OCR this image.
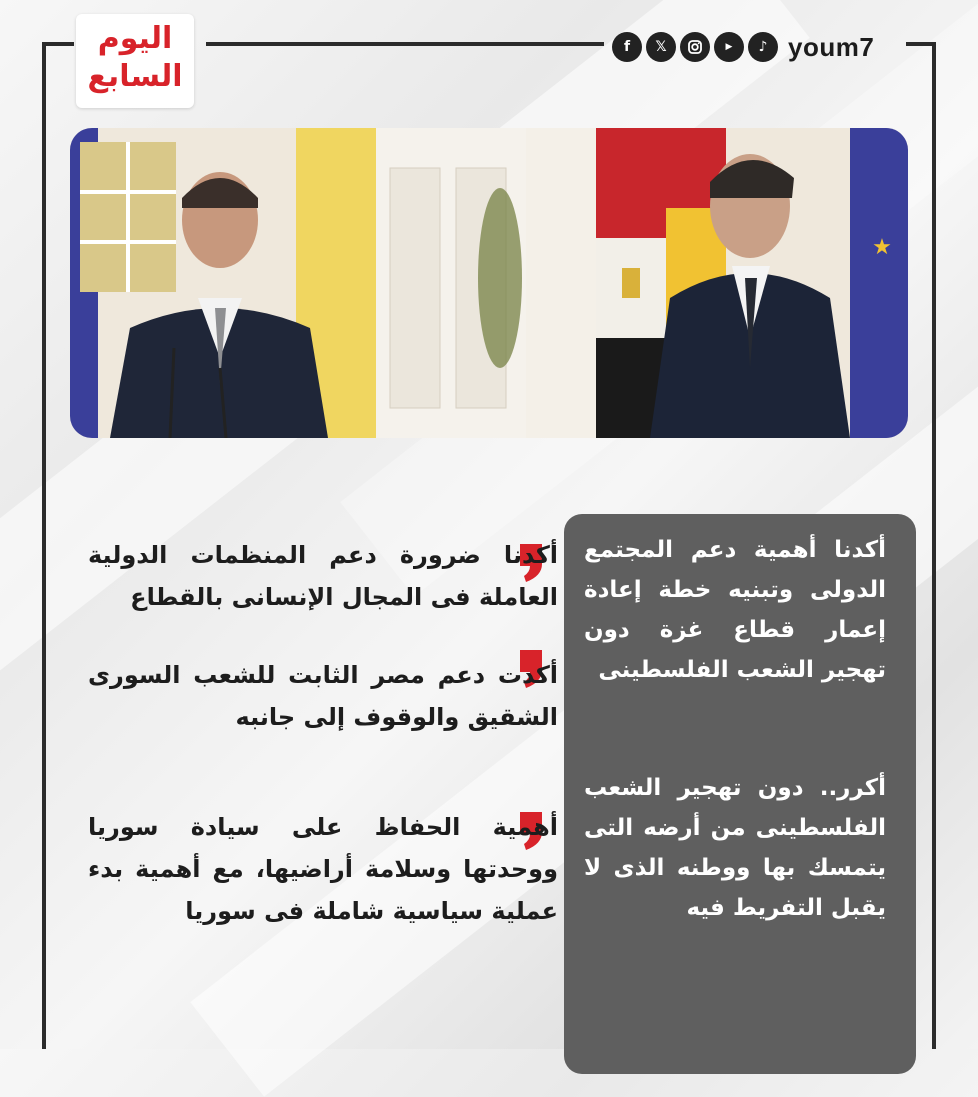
اليوم
السابع
f	𝕏	▶	♪ youm7
★
أكدنا ضرورة دعم المنظمات الدولية العاملة فى المجال الإنسانى بالقطاع
أكدت دعم مصر الثابت للشعب السورى الشقيق والوقوف إلى جانبه
أهمية الحفاظ على سيادة سوريا ووحدتها وسلامة أراضيها، مع أهمية بدء عملية سياسية شاملة فى سوريا
أكدنا أهمية دعم المجتمع الدولى وتبنيه خطة إعادة إعمار قطاع غزة دون تهجير الشعب الفلسطينى
أكرر.. دون تهجير الشعب الفلسطينى من أرضه التى يتمسك بها ووطنه الذى لا يقبل التفريط فيه
